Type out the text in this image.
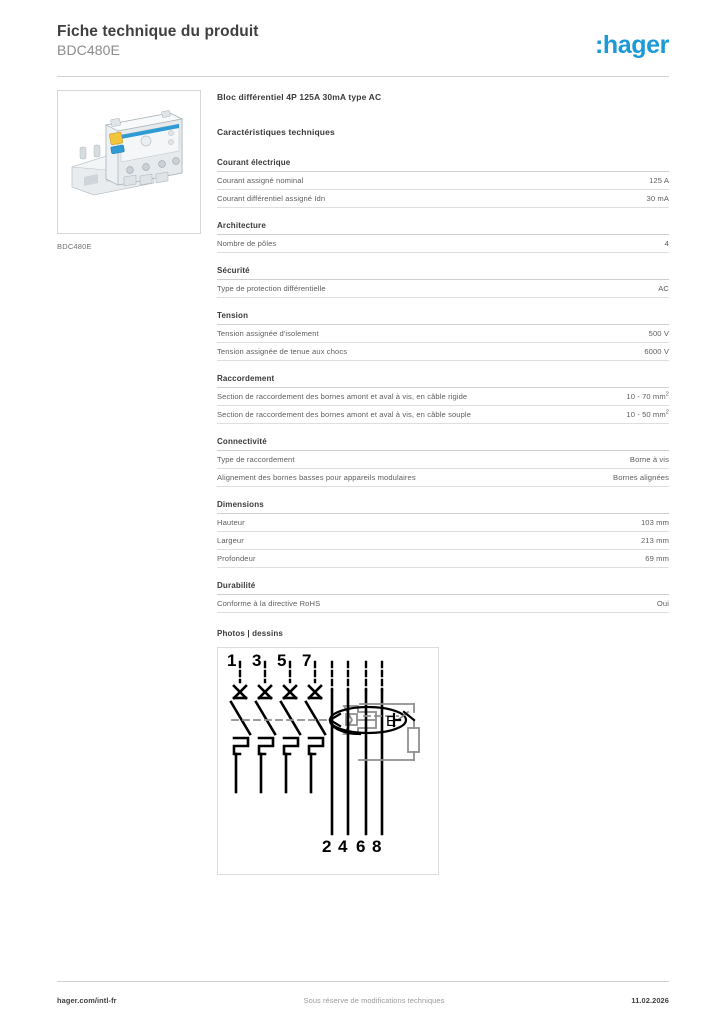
Fiche technique du produit
BDC480E	:hager
BDC480E
Bloc différentiel 4P 125A 30mA type AC
Caractéristiques techniques
Courant électrique
Courant assigné nominal	125 A
Courant différentiel assigné Idn	30 mA
Architecture
Nombre de pôles	4
Sécurité
Type de protection différentielle	AC
Tension
Tension assignée d'isolement	500 V
Tension assignée de tenue aux chocs	6000 V
Raccordement
Section de raccordement des bornes amont et aval à vis, en câble rigide	10 - 70 $mm^2$
Section de raccordement des bornes amont et aval à vis, en câble souple	10 - 50 $mm^2$
Connectivité
Type de raccordement	Borne à vis
Alignement des bornes basses pour appareils modulaires	Bornes alignées
Dimensions
Hauteur	103 mm
Largeur	213 mm
Profondeur	69 mm
Durabilité
Conforme à la directive RoHS	Oui
Photos | dessins
1 3 5 7
2 4 6 8
E
hager.com/intl-fr	Sous réserve de modifications techniques	11.02.2026
